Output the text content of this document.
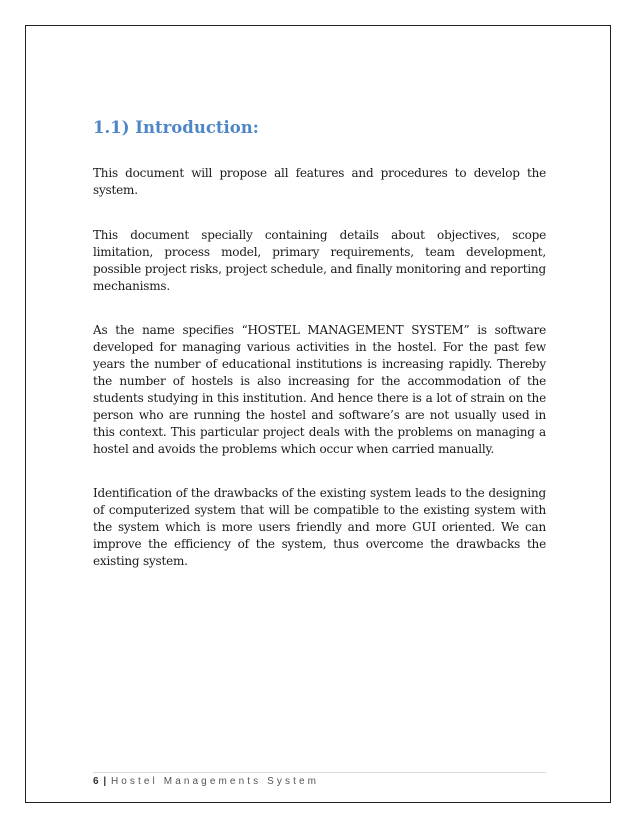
1.1) Introduction:

This document will propose all features and procedures to develop the system.

This document specially containing details about objectives, scope limitation, process model, primary requirements, team development, possible project risks, project schedule, and finally monitoring and reporting mechanisms.

As the name specifies “HOSTEL MANAGEMENT SYSTEM” is software developed for managing various activities in the hostel. For the past few years the number of educational institutions is increasing rapidly. Thereby the number of hostels is also increasing for the accommodation of the students studying in this institution. And hence there is a lot of strain on the person who are running the hostel and software’s are not usually used in this context. This particular project deals with the problems on managing a hostel and avoids the problems which occur when carried manually.

Identification of the drawbacks of the existing system leads to the designing of computerized system that will be compatible to the existing system with the system which is more users friendly and more GUI oriented. We can improve the efficiency of the system, thus overcome the drawbacks the existing system.

6 | Hostel Managements System
